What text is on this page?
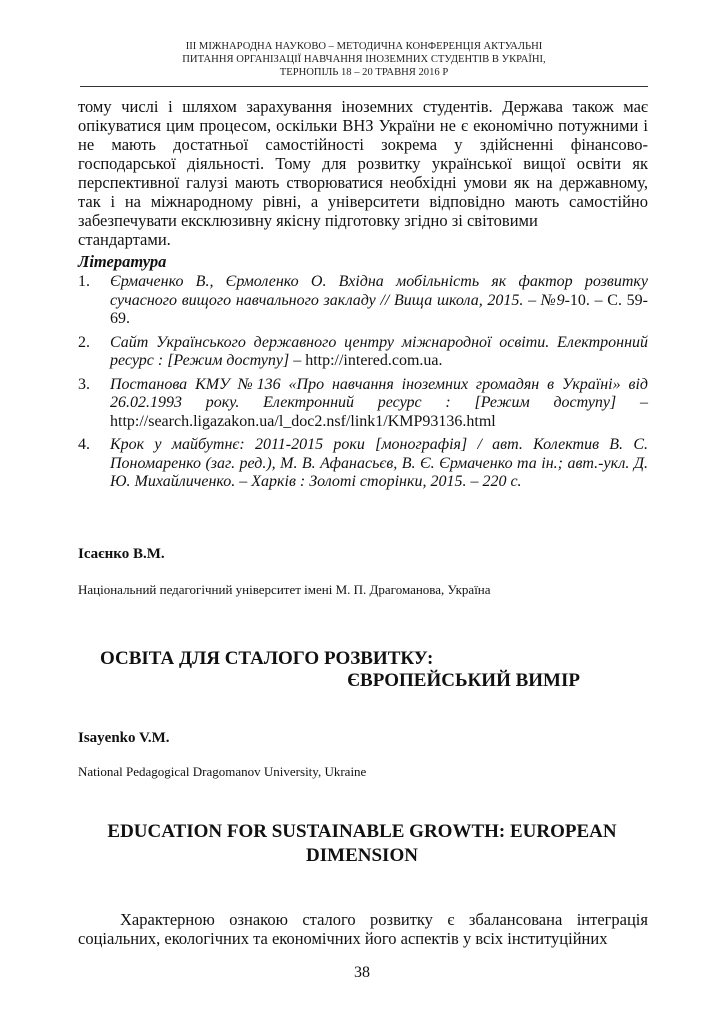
III МІЖНАРОДНА НАУКОВО – МЕТОДИЧНА КОНФЕРЕНЦІЯ АКТУАЛЬНІ
ПИТАННЯ ОРГАНІЗАЦІЇ НАВЧАННЯ ІНОЗЕМНИХ СТУДЕНТІВ В УКРАЇНІ,
ТЕРНОПІЛЬ 18 – 20 ТРАВНЯ 2016 Р
тому числі і шляхом зарахування іноземних студентів. Держава також має опікуватися цим процесом, оскільки ВНЗ України не є економічно потужними і не мають достатньої самостійності зокрема у здійсненні фінансово-господарської діяльності. Тому для розвитку української вищої освіти як перспективної галузі мають створюватися необхідні умови як на державному, так і на міжнародному рівні, а університети відповідно мають самостійно забезпечувати ексклюзивну якісну підготовку згідно зі світовими
стандартами.
Література
1. Єрмаченко В., Єрмоленко О. Вхідна мобільність як фактор розвитку сучасного вищого навчального закладу // Вища школа, 2015. – №9-10. – С. 59-69.
2. Сайт Українського державного центру міжнародної освіти. Електронний ресурс : [Режим доступу] – http://intered.com.ua.
3. Постанова КМУ №136 «Про навчання іноземних громадян в Україні» від 26.02.1993 року. Електронний ресурс : [Режим доступу] – http://search.ligazakon.ua/l_doc2.nsf/link1/KMP93136.html
4. Крок у майбутнє: 2011-2015 роки [монографія] / авт. Колектив В. С. Пономаренко (заг. ред.), М. В. Афанасьєв, В. Є. Єрмаченко та ін.; авт.-укл. Д. Ю. Михайличенко. – Харків : Золоті сторінки, 2015. – 220 с.
Ісаєнко В.М.
Національний педагогічний університет імені М. П. Драгоманова, Україна
ОСВІТА ДЛЯ СТАЛОГО РОЗВИТКУ:
ЄВРОПЕЙСЬКИЙ ВИМІР
Isayenko V.M.
National Pedagogical Dragomanov University, Ukraine
EDUCATION FOR SUSTAINABLE GROWTH: EUROPEAN DIMENSION
Характерною ознакою сталого розвитку є збалансована інтеграція соціальних, екологічних та економічних його аспектів у всіх інституційних
38
